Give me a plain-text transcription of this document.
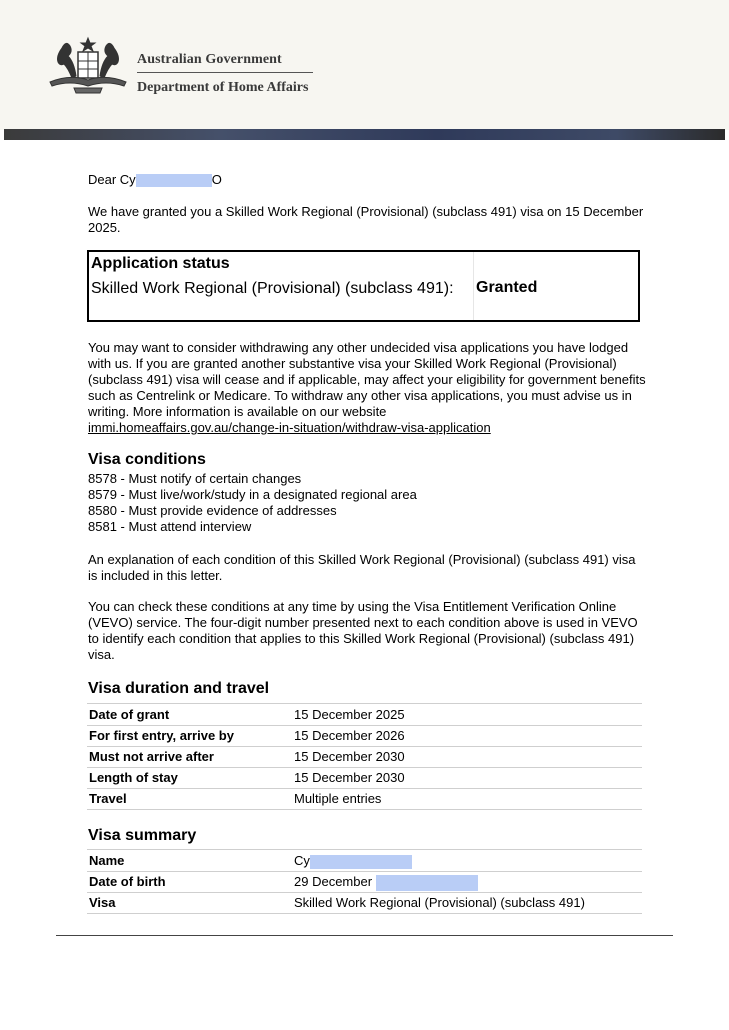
Australian Government
Department of Home Affairs
Dear Cy	O
We have granted you a Skilled Work Regional (Provisional) (subclass 491) visa on 15 December 2025.
Application status
Skilled Work Regional (Provisional) (subclass 491):	Granted
You may want to consider withdrawing any other undecided visa applications you have lodged with us. If you are granted another substantive visa your Skilled Work Regional (Provisional) (subclass 491) visa will cease and if applicable, may affect your eligibility for government benefits such as Centrelink or Medicare. To withdraw any other visa applications, you must advise us in writing. More information is available on our website
immi.homeaffairs.gov.au/change-in-situation/withdraw-visa-application
Visa conditions
8578 - Must notify of certain changes
8579 - Must live/work/study in a designated regional area
8580 - Must provide evidence of addresses
8581 - Must attend interview
An explanation of each condition of this Skilled Work Regional (Provisional) (subclass 491) visa is included in this letter.
You can check these conditions at any time by using the Visa Entitlement Verification Online (VEVO) service. The four-digit number presented next to each condition above is used in VEVO to identify each condition that applies to this Skilled Work Regional (Provisional) (subclass 491) visa.
Visa duration and travel
Date of grant	15 December 2025
For first entry, arrive by	15 December 2026
Must not arrive after	15 December 2030
Length of stay	15 December 2030
Travel	Multiple entries
Visa summary
Name	Cy
Date of birth	29 December
Visa	Skilled Work Regional (Provisional) (subclass 491)
